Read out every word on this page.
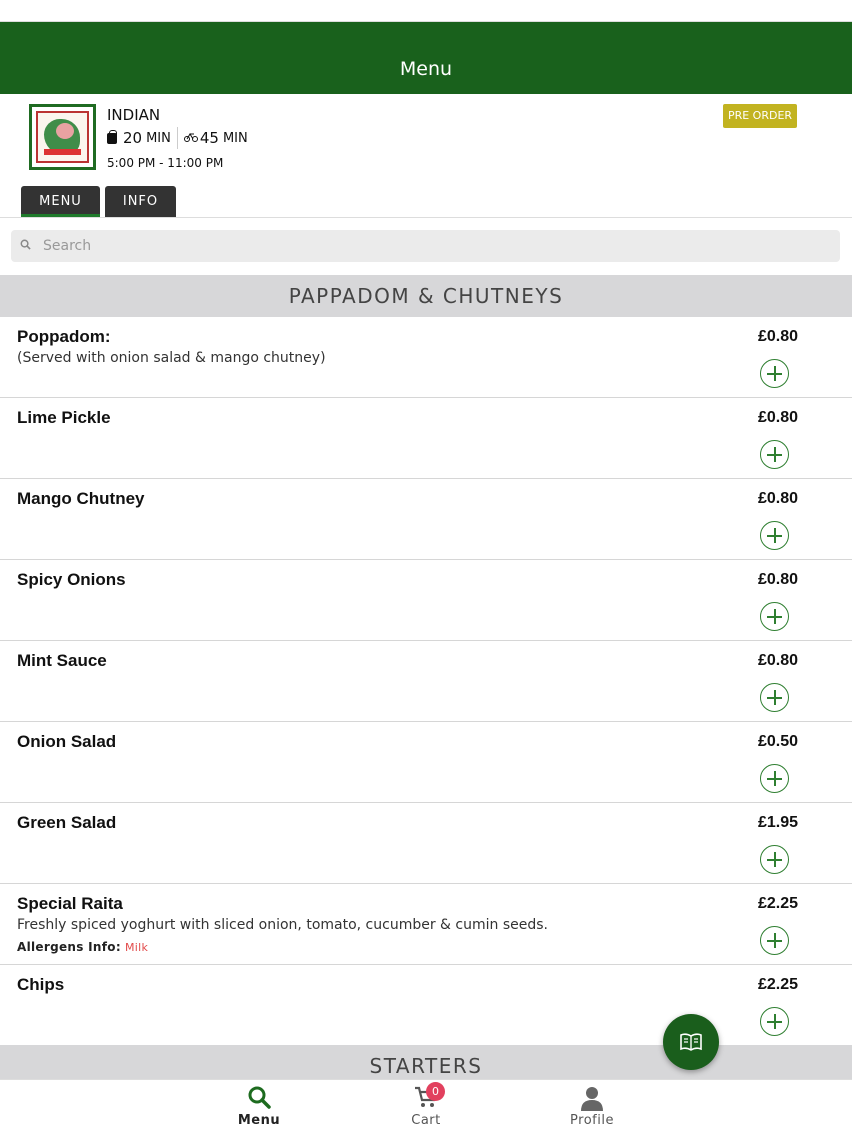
Menu
INDIAN
20 MIN 45 MIN
5:00 PM - 11:00 PM
PRE ORDER
MENU	INFO
Search
PAPPADOM & CHUTNEYS
Poppadom:
(Served with onion salad & mango chutney)
£0.80
Lime Pickle	£0.80
Mango Chutney	£0.80
Spicy Onions	£0.80
Mint Sauce	£0.80
Onion Salad	£0.50
Green Salad	£1.95
Special Raita
Freshly spiced yoghurt with sliced onion, tomato, cucumber & cumin seeds.
Allergens Info: Milk
£2.25
Chips	£2.25
STARTERS
Menu
0
Cart	Profile
